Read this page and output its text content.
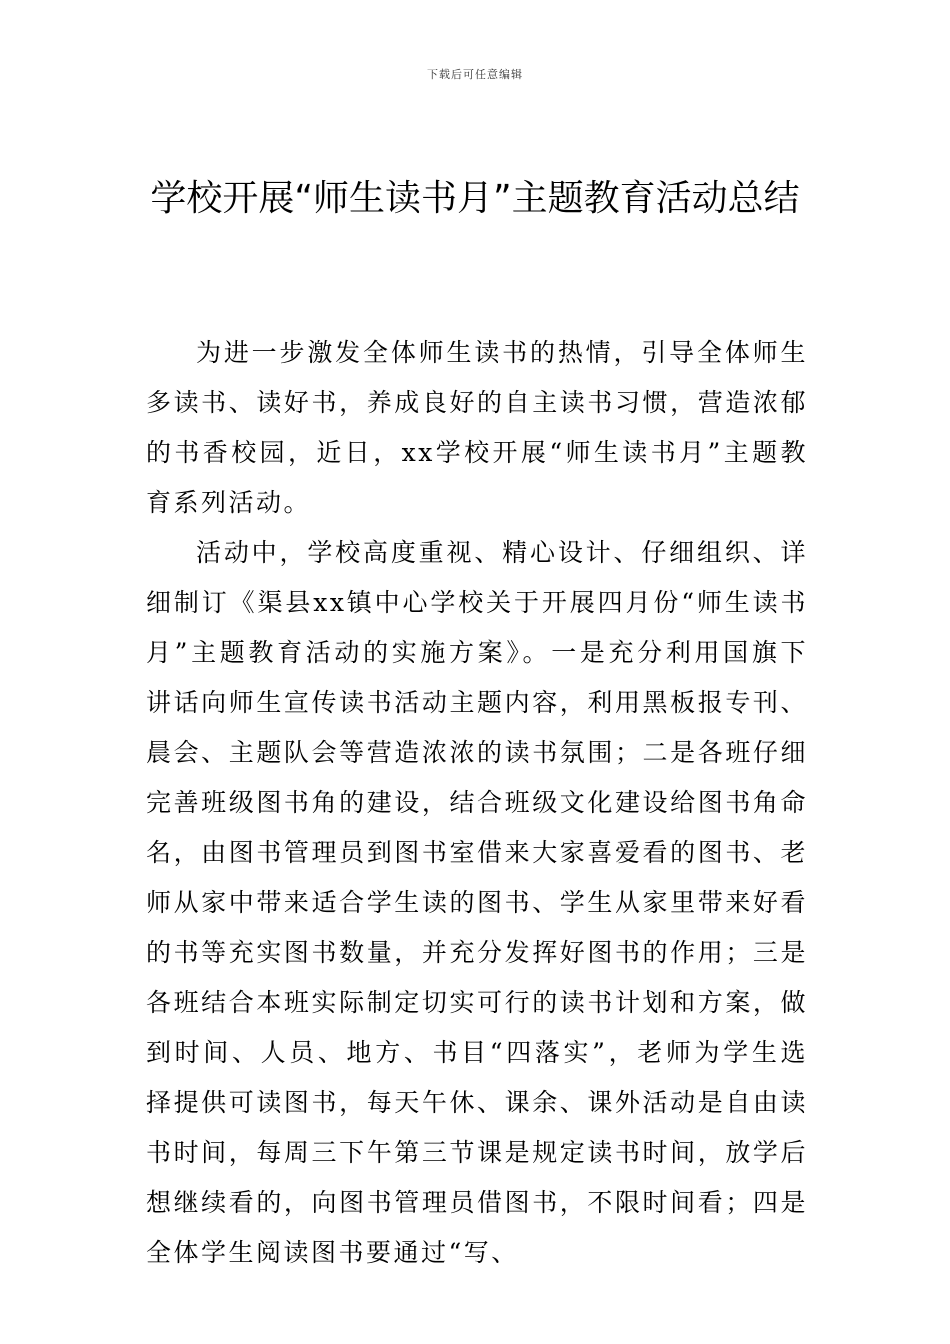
下载后可任意编辑
学校开展“师生读书月”主题教育活动总结

为进一步激发全体师生读书的热情，引导全体师生多读书、读好书，养成良好的自主读书习惯，营造浓郁的书香校园，近日，xx学校开展“师生读书月”主题教育系列活动。

活动中，学校高度重视、精心设计、仔细组织、详细制订《渠县xx镇中心学校关于开展四月份“师生读书月”主题教育活动的实施方案》。一是充分利用国旗下讲话向师生宣传读书活动主题内容，利用黑板报专刊、晨会、主题队会等营造浓浓的读书氛围；二是各班仔细完善班级图书角的建设，结合班级文化建设给图书角命名，由图书管理员到图书室借来大家喜爱看的图书、老师从家中带来适合学生读的图书、学生从家里带来好看的书等充实图书数量，并充分发挥好图书的作用；三是各班结合本班实际制定切实可行的读书计划和方案，做到时间、人员、地方、书目“四落实”，老师为学生选择提供可读图书，每天午休、课余、课外活动是自由读书时间，每周三下午第三节课是规定读书时间，放学后想继续看的，向图书管理员借图书，不限时间看；四是全体学生阅读图书要通过“写、
